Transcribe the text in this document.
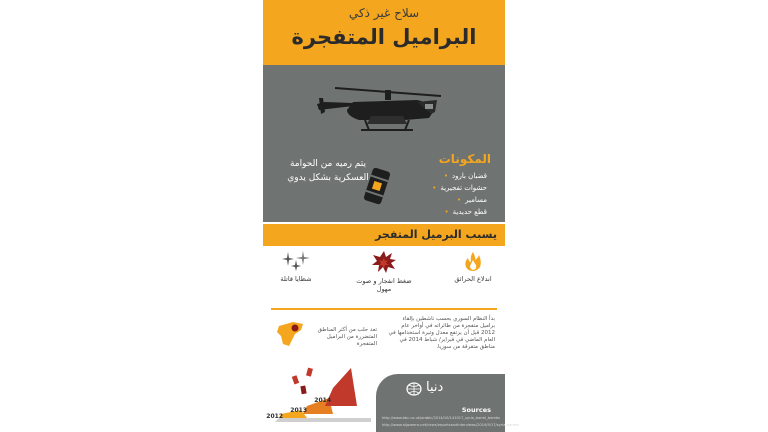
سلاح غير ذكي
البراميل المتفجرة
يتم رميه من الحوامة العسكرية بشكل يدوي
المكونات
قضبان بارود •
حشوات تفجيرية •
مسامير •
قطع حديدية •
يسبب البرميل المتفجر
اندلاع الحرائق
ضغط انفجار و صوت مهول
شظايا قاتلة
بدأ النظام السوري بحسب ناشطين بإلقاء براميل متفجرة من طائراته في أواخر عام 2012 قبل أن يرتفع معدل وتيرة استخدامها في العام الماضي في فبراير/ شباط 2014 في مناطق متفرقة من سوريا.
تعد حلب من أكثر المناطق المتضررة من البراميل المتفجرة
2012
2013
2014
دنيا
Sources
http://www.bbc.co.uk/arabic/2014/10/141017_syria_barrel_bombs
http://www.aljazeera.net/news/reportsandinterviews/2014/9/17/syria-barrels
